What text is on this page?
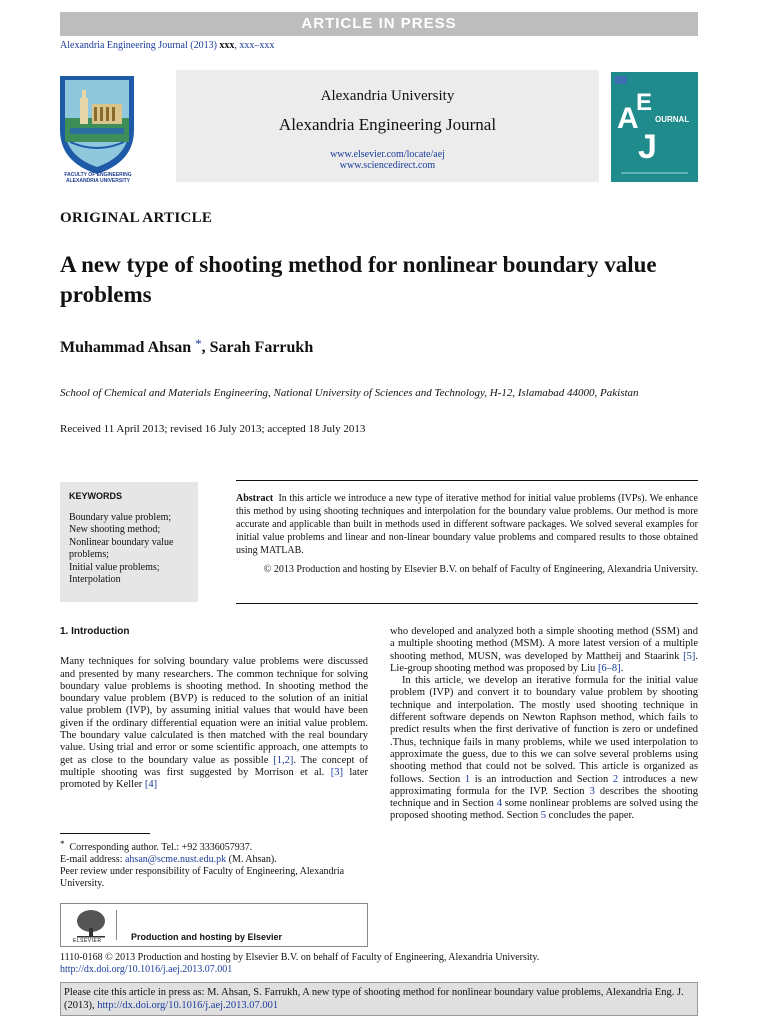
ARTICLE IN PRESS
Alexandria Engineering Journal (2013) xxx, xxx–xxx
FACULTY OF ENGINEERING
ALEXANDRIA UNIVERSITY
Alexandria University
Alexandria Engineering Journal
www.elsevier.com/locate/aej
www.sciencedirect.com
A
E
J
OURNAL
ORIGINAL ARTICLE
A new type of shooting method for nonlinear boundary value problems
Muhammad Ahsan *, Sarah Farrukh
School of Chemical and Materials Engineering, National University of Sciences and Technology, H-12, Islamabad 44000, Pakistan
Received 11 April 2013; revised 16 July 2013; accepted 18 July 2013
KEYWORDS
Boundary value problem;
New shooting method;
Nonlinear boundary value problems;
Initial value problems;
Interpolation
Abstract In this article we introduce a new type of iterative method for initial value problems (IVPs). We enhance this method by using shooting techniques and interpolation for the boundary value problems. Our method is more accurate and applicable than built in methods used in different software packages. We solved several examples for initial value problems and linear and non-linear boundary value problems and compared results to those obtained using MATLAB.
© 2013 Production and hosting by Elsevier B.V. on behalf of Faculty of Engineering, Alexandria University.
1. Introduction

Many techniques for solving boundary value problems were discussed and presented by many researchers. The common technique for solving boundary value problems is shooting method. In shooting method the boundary value problem (BVP) is reduced to the solution of an initial value problem (IVP), by assuming initial values that would have been given if the ordinary differential equation were an initial value problem. The boundary value calculated is then matched with the real boundary value. Using trial and error or some scientific approach, one attempts to get as close to the boundary value as possible [1,2]. The concept of multiple shooting was first suggested by Morrison et al. [3] later promoted by Keller [4]

* Corresponding author. Tel.: +92 3336057937.
E-mail address: ahsan@scme.nust.edu.pk (M. Ahsan).
Peer review under responsibility of Faculty of Engineering, Alexandria University.
ELSEVIER	Production and hosting by Elsevier

who developed and analyzed both a simple shooting method (SSM) and a multiple shooting method (MSM). A more latest version of a multiple shooting method, MUSN, was developed by Mattheij and Staarink [5]. Lie-group shooting method was proposed by Liu [6–8].

In this article, we develop an iterative formula for the initial value problem (IVP) and convert it to boundary value problem by shooting technique and interpolation. The mostly used shooting technique in different software depends on Newton Raphson method, which fails to predict results when the first derivative of function is zero or undefined .Thus, technique fails in many problems, while we used interpolation to approximate the guess, due to this we can solve several problems using shooting method that could not be solved. This article is organized as follows. Section 1 is an introduction and Section 2 introduces a new approximating formula for the IVP. Section 3 describes the shooting technique and in Section 4 some nonlinear problems are solved using the proposed shooting method. Section 5 concludes the paper.

1110-0168 © 2013 Production and hosting by Elsevier B.V. on behalf of Faculty of Engineering, Alexandria University.
http://dx.doi.org/10.1016/j.aej.2013.07.001
Please cite this article in press as: M. Ahsan, S. Farrukh, A new type of shooting method for nonlinear boundary value problems, Alexandria Eng. J. (2013), http://dx.doi.org/10.1016/j.aej.2013.07.001
